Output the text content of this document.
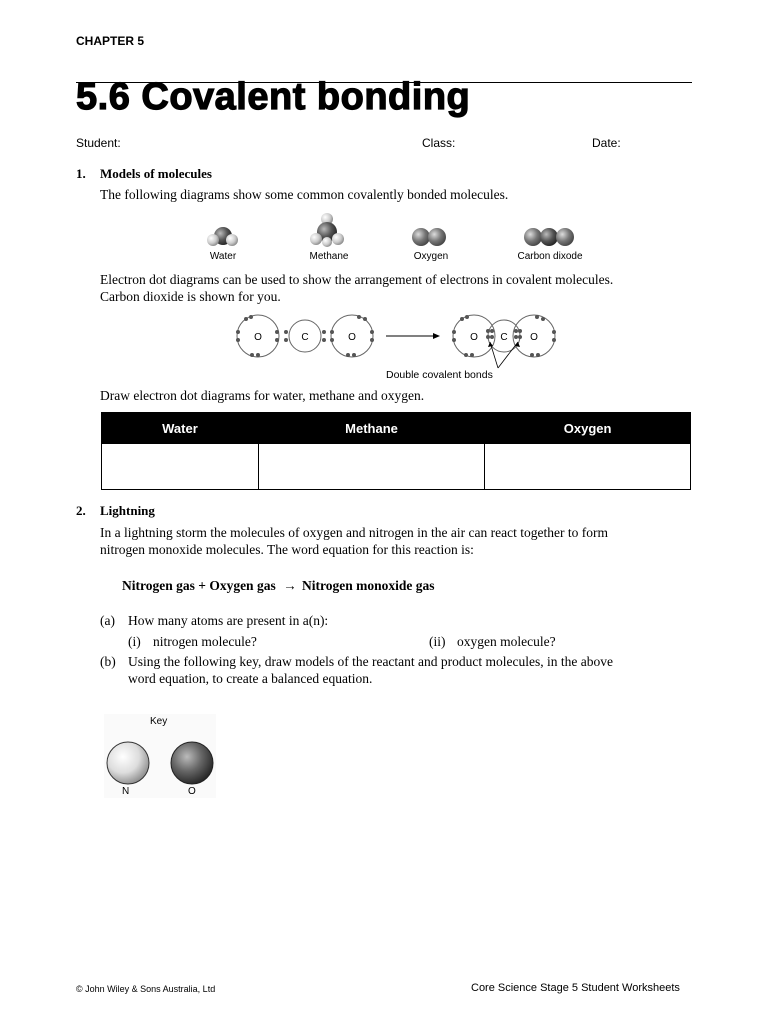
CHAPTER 5
5.6 Covalent bonding
Student:	Class:	Date:
1. Models of molecules
The following diagrams show some common covalently bonded molecules.
Water	Methane	Oxygen	Carbon dixode
Electron dot diagrams can be used to show the arrangement of electrons in covalent molecules.
Carbon dioxide is shown for you.
O	C	O	O C O
Double covalent bonds
Draw electron dot diagrams for water, methane and oxygen.
Water	Methane	Oxygen

2. Lightning
In a lightning storm the molecules of oxygen and nitrogen in the air can react together to form
nitrogen monoxide molecules. The word equation for this reaction is:
Nitrogen gas + Oxygen gas → Nitrogen monoxide gas
(a) How many atoms are present in a(n):
(i) nitrogen molecule?	(ii) oxygen molecule?
(b) Using the following key, draw models of the reactant and product molecules, in the above
word equation, to create a balanced equation.
Key
N	O
© John Wiley & Sons Australia, Ltd	Core Science Stage 5 Student Worksheets
